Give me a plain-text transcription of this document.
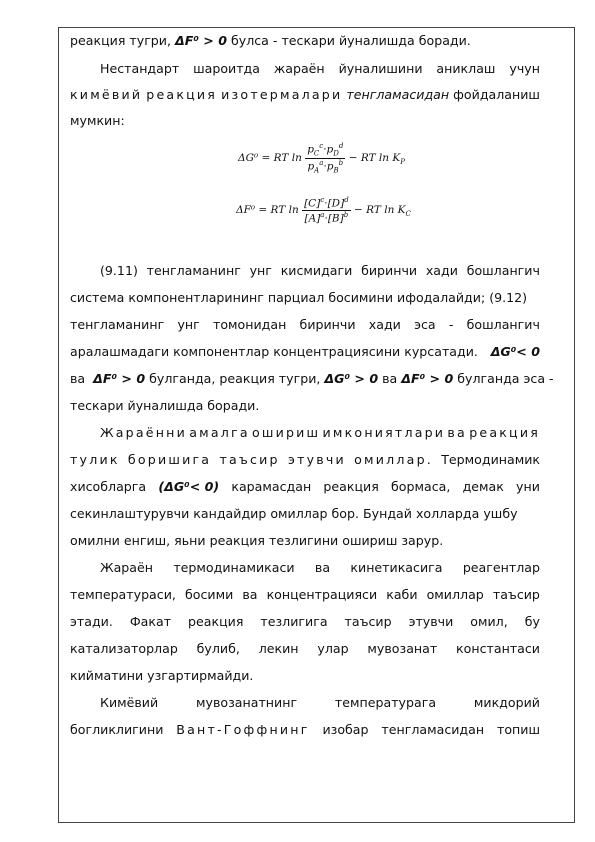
реакция тугри, ΔF⁰ > 0 булса - тескари йуналишда боради.
Нестандарт шароитда жараён йуналишини аниклаш учун
кимёвий реакция изотермалари тенгламасидан фойдаланиш
мумкин:
ΔG⁰ = RT $\ln \frac{p_C^c\cdot p_D^d}{p_A^a\cdot p_B^b}$ − RT $\ln K_P$
ΔF⁰ = RT $\ln \frac{[C]^c\cdot[D]^d}{[A]^a\cdot[B]^b}$ − RT $\ln K_C$
(9.11) тенгламанинг унг кисмидаги биринчи хади бошлангич
система компонентларининг парциал босимини ифодалайди; (9.12)
тенгламанинг унг томонидан биринчи хади эса - бошлангич
аралашмадаги компонентлар концентрациясини курсатади. ΔG⁰< 0
ва ΔF⁰ > 0 булганда, реакция тугри, ΔG⁰ > 0 ва ΔF⁰ > 0 булганда эса -
тескари йуналишда боради.
Жараённи амалга ошириш имкониятлари ва реакция
тулик боришига таъсир этувчи омиллар. Термодинамик
хисобларга (ΔG⁰< 0) карамасдан реакция бормаса, демак уни
секинлаштурувчи кандайдир омиллар бор. Бундай холларда ушбу
омилни енгиш, яьни реакция тезлигини ошириш зарур.
Жараён термодинамикаси ва кинетикасига реагентлар
температураси, босими ва концентрацияси каби омиллар таъсир
этади. Факат реакция тезлигига таъсир этувчи омил, бу
катализаторлар булиб, лекин улар мувозанат константаси
кийматини узгартирмайди.
Кимёвий	мувозанатнинг	температурага	микдорий
богликлигини Вант-Гоффнинг изобар тенгламасидан топиш
